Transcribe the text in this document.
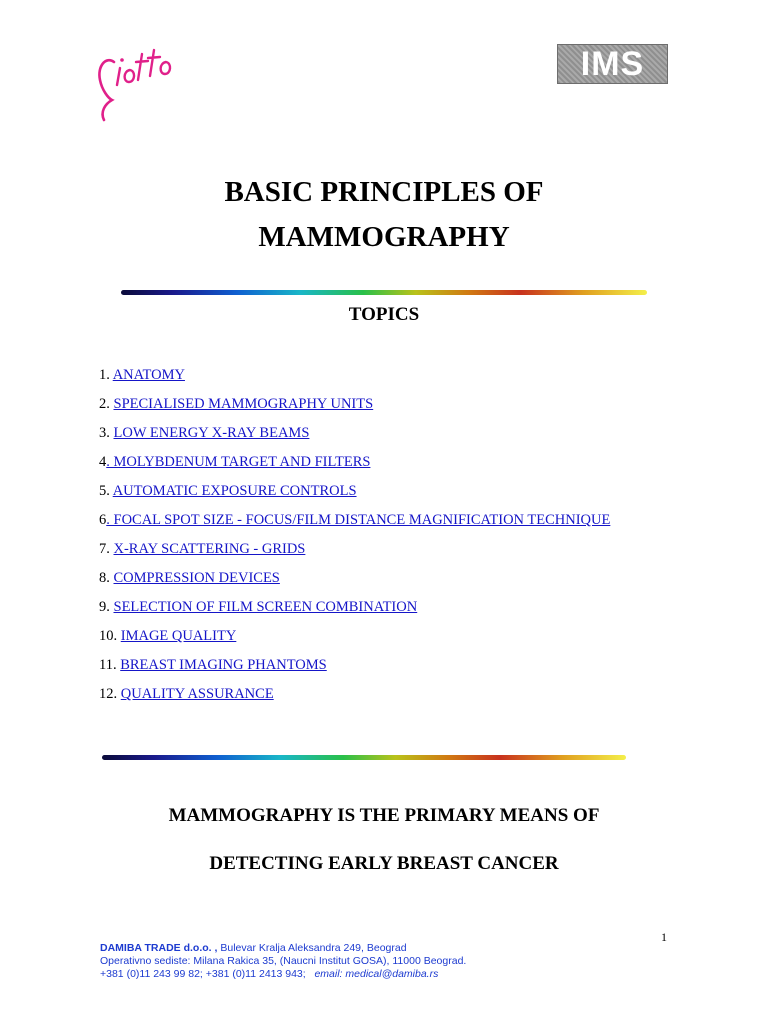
IMS
BASIC PRINCIPLES OF
MAMMOGRAPHY
TOPICS
1. ANATOMY
2. SPECIALISED MAMMOGRAPHY UNITS
3. LOW ENERGY X-RAY BEAMS
4. MOLYBDENUM TARGET AND FILTERS
5. AUTOMATIC EXPOSURE CONTROLS
6. FOCAL SPOT SIZE - FOCUS/FILM DISTANCE MAGNIFICATION TECHNIQUE
7. X-RAY SCATTERING - GRIDS
8. COMPRESSION DEVICES
9. SELECTION OF FILM SCREEN COMBINATION
10. IMAGE QUALITY
11. BREAST IMAGING PHANTOMS
12. QUALITY ASSURANCE
MAMMOGRAPHY IS THE PRIMARY MEANS OF
DETECTING EARLY BREAST CANCER
1
DAMIBA TRADE d.o.o. , Bulevar Kralja Aleksandra 249, Beograd
Operativno sediste: Milana Rakica 35, (Naucni Institut GOSA), 11000 Beograd.
+381 (0)11 243 99 82; +381 (0)11 2413 943; email: medical@damiba.rs
